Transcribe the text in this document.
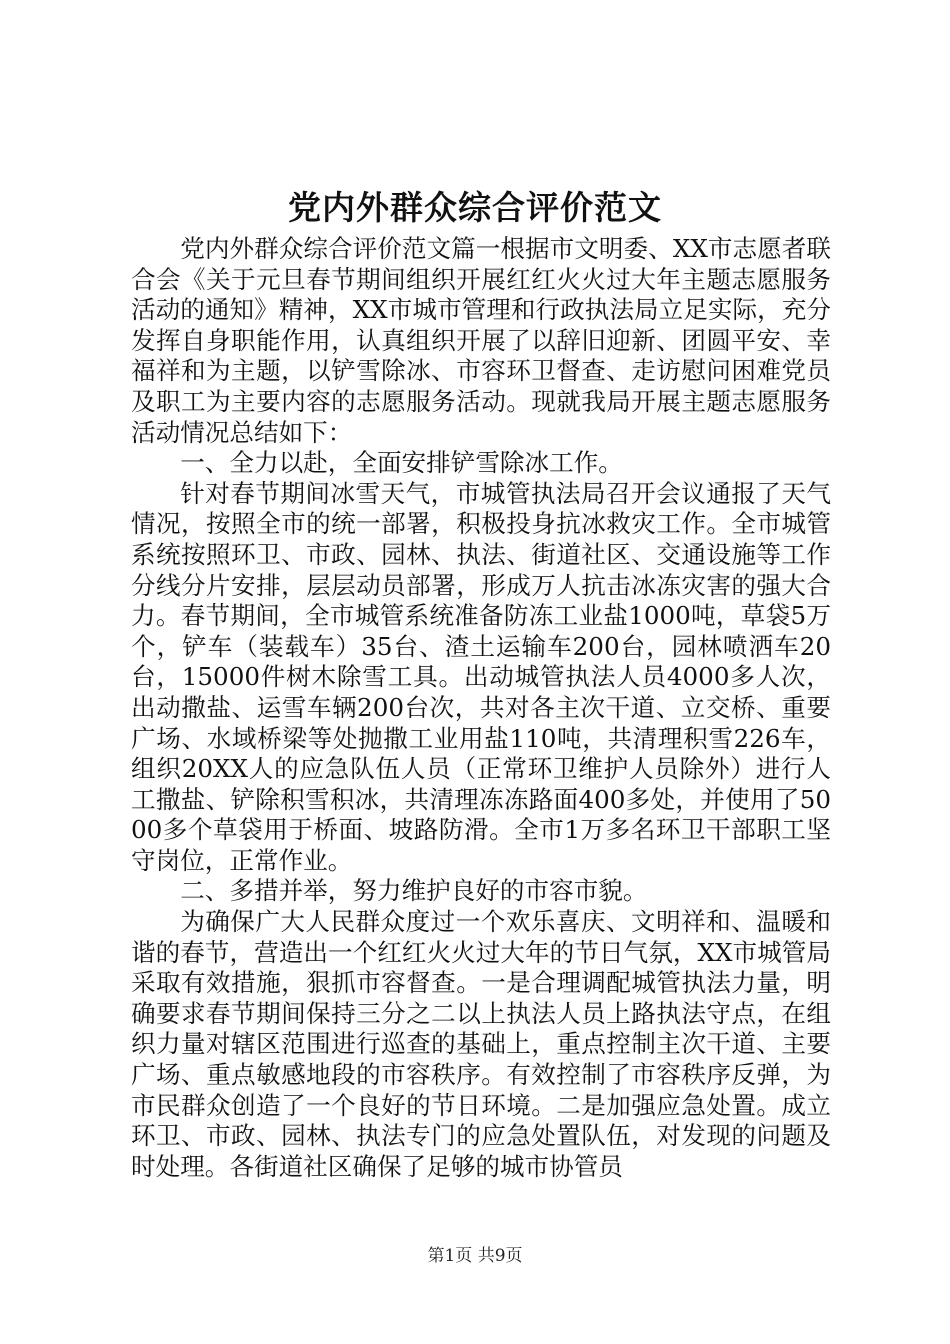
党内外群众综合评价范文

党内外群众综合评价范文篇一根据市文明委、XX市志愿者联合会《关于元旦春节期间组织开展红红火火过大年主题志愿服务活动的通知》精神，XX市城市管理和行政执法局立足实际，充分发挥自身职能作用，认真组织开展了以辞旧迎新、团圆平安、幸福祥和为主题，以铲雪除冰、市容环卫督查、走访慰问困难党员及职工为主要内容的志愿服务活动。现就我局开展主题志愿服务活动情况总结如下：

一、全力以赴，全面安排铲雪除冰工作。

针对春节期间冰雪天气，市城管执法局召开会议通报了天气情况，按照全市的统一部署，积极投身抗冰救灾工作。全市城管系统按照环卫、市政、园林、执法、街道社区、交通设施等工作分线分片安排，层层动员部署，形成万人抗击冰冻灾害的强大合力。春节期间，全市城管系统准备防冻工业盐1000吨，草袋5万个，铲车（装载车）35台、渣土运输车200台，园林喷洒车20台，15000件树木除雪工具。出动城管执法人员4000多人次，出动撒盐、运雪车辆200台次，共对各主次干道、立交桥、重要广场、水域桥梁等处抛撒工业用盐110吨，共清理积雪226车，组织20XX人的应急队伍人员（正常环卫维护人员除外）进行人工撒盐、铲除积雪积冰，共清理冻冻路面400多处，并使用了5000多个草袋用于桥面、坡路防滑。全市1万多名环卫干部职工坚守岗位，正常作业。

二、多措并举，努力维护良好的市容市貌。

为确保广大人民群众度过一个欢乐喜庆、文明祥和、温暖和谐的春节，营造出一个红红火火过大年的节日气氛，XX市城管局采取有效措施，狠抓市容督查。一是合理调配城管执法力量，明确要求春节期间保持三分之二以上执法人员上路执法守点，在组织力量对辖区范围进行巡查的基础上，重点控制主次干道、主要广场、重点敏感地段的市容秩序。有效控制了市容秩序反弹，为市民群众创造了一个良好的节日环境。二是加强应急处置。成立环卫、市政、园林、执法专门的应急处置队伍，对发现的问题及时处理。各街道社区确保了足够的城市协管员

第1页 共9页
